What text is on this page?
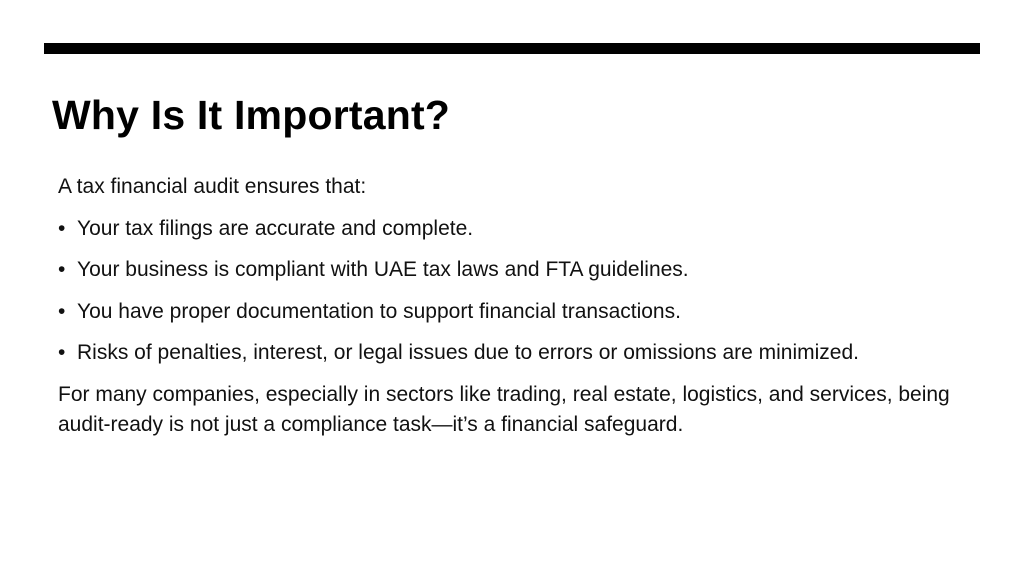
Why Is It Important?

A tax financial audit ensures that:

• Your tax filings are accurate and complete.
• Your business is compliant with UAE tax laws and FTA guidelines.
• You have proper documentation to support financial transactions.
• Risks of penalties, interest, or legal issues due to errors or omissions are minimized.

For many companies, especially in sectors like trading, real estate, logistics, and services, being audit-ready is not just a compliance task—it’s a financial safeguard.
